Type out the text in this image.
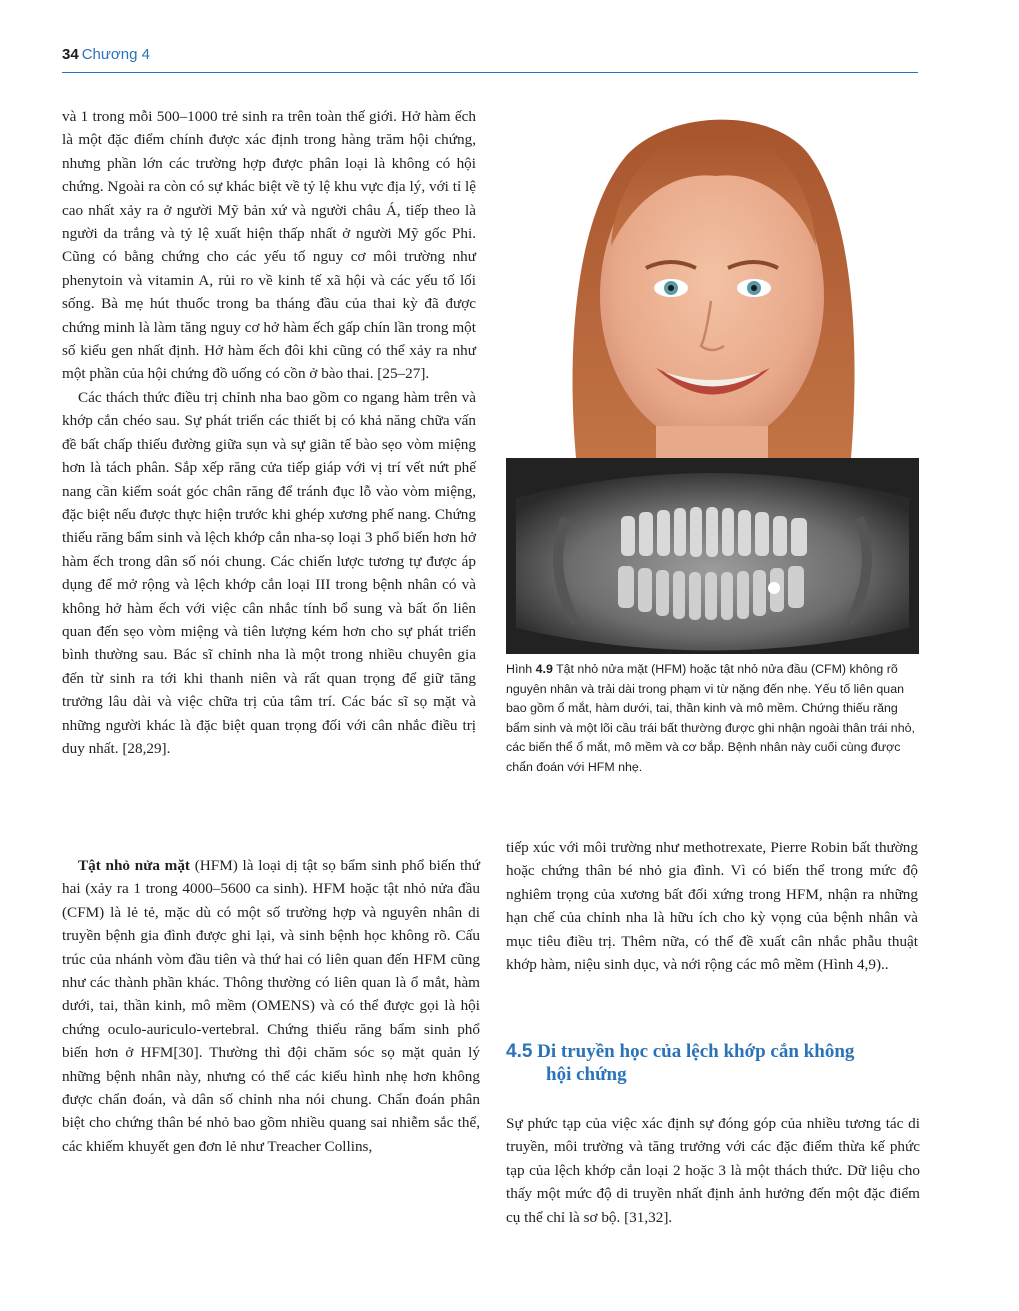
34 Chương 4

và 1 trong mỗi 500–1000 trẻ sinh ra trên toàn thế giới. Hở hàm ếch là một đặc điểm chính được xác định trong hàng trăm hội chứng, nhưng phần lớn các trường hợp được phân loại là không có hội chứng. Ngoài ra còn có sự khác biệt về tỷ lệ khu vực địa lý, với tỉ lệ cao nhất xảy ra ở người Mỹ bản xứ và người châu Á, tiếp theo là người da trắng và tỷ lệ xuất hiện thấp nhất ở người Mỹ gốc Phi. Cũng có bằng chứng cho các yếu tố nguy cơ môi trường như phenytoin và vitamin A, rủi ro về kinh tế xã hội và các yếu tố lối sống. Bà mẹ hút thuốc trong ba tháng đầu của thai kỳ đã được chứng minh là làm tăng nguy cơ hở hàm ếch gấp chín lần trong một số kiểu gen nhất định. Hở hàm ếch đôi khi cũng có thể xảy ra như một phần của hội chứng đồ uống có cồn ở bào thai. [25–27].

Các thách thức điều trị chỉnh nha bao gồm co ngang hàm trên và khớp cắn chéo sau. Sự phát triển các thiết bị có khả năng chữa vấn đề bất chấp thiếu đường giữa sụn và sự giãn tế bào sẹo vòm miệng hơn là tách phân. Sắp xếp răng cửa tiếp giáp với vị trí vết nứt phế nang cần kiểm soát góc chân răng để tránh đục lỗ vào vòm miệng, đặc biệt nếu được thực hiện trước khi ghép xương phế nang. Chứng thiếu răng bẩm sinh và lệch khớp cắn nha-sọ loại 3 phổ biến hơn hở hàm ếch trong dân số nói chung. Các chiến lược tương tự được áp dụng để mở rộng và lệch khớp cắn loại III trong bệnh nhân có và không hở hàm ếch với việc cân nhắc tính bổ sung và bất ổn liên quan đến sẹo vòm miệng và tiên lượng kém hơn cho sự phát triển bình thường sau. Bác sĩ chỉnh nha là một trong nhiều chuyên gia đến từ sinh ra tới khi thanh niên và rất quan trọng để giữ tăng trưởng lâu dài và việc chữa trị của tâm trí. Các bác sĩ sọ mặt và những người khác là đặc biệt quan trọng đối với cân nhắc điều trị duy nhất. [28,29].

Hình 4.9 Tật nhỏ nửa mặt (HFM) hoặc tật nhỏ nửa đầu (CFM) không rõ nguyên nhân và trải dài trong phạm vi từ nặng đến nhẹ. Yếu tố liên quan bao gồm ổ mắt, hàm dưới, tai, thần kinh và mô mềm. Chứng thiếu răng bẩm sinh và một lõi cầu trái bất thường được ghi nhận ngoài thân trái nhỏ, các biến thể ổ mắt, mô mềm và cơ bắp. Bệnh nhân này cuối cùng được chẩn đoán với HFM nhẹ.

Tật nhỏ nửa mặt (HFM) là loại dị tật sọ bẩm sinh phổ biến thứ hai (xảy ra 1 trong 4000–5600 ca sinh). HFM hoặc tật nhỏ nửa đầu (CFM) là lẻ tẻ, mặc dù có một số trường hợp và nguyên nhân di truyền bệnh gia đình được ghi lại, và sinh bệnh học không rõ. Cấu trúc của nhánh vòm đầu tiên và thứ hai có liên quan đến HFM cũng như các thành phần khác. Thông thường có liên quan là ổ mắt, hàm dưới, tai, thần kinh, mô mềm (OMENS) và có thể được gọi là hội chứng oculo-auriculo-vertebral. Chứng thiếu răng bẩm sinh phổ biến hơn ở HFM[30]. Thường thì đội chăm sóc sọ mặt quản lý những bệnh nhân này, nhưng có thể các kiểu hình nhẹ hơn không được chẩn đoán, và dân số chỉnh nha nói chung. Chẩn đoán phân biệt cho chứng thân bé nhỏ bao gồm nhiều quang sai nhiễm sắc thể, các khiếm khuyết gen đơn lẻ như Treacher Collins,

tiếp xúc với môi trường như methotrexate, Pierre Robin bất thường hoặc chứng thân bé nhỏ gia đình. Vì có biến thể trong mức độ nghiêm trọng của xương bất đối xứng trong HFM, nhận ra những hạn chế của chỉnh nha là hữu ích cho kỳ vọng của bệnh nhân và mục tiêu điều trị. Thêm nữa, có thể đề xuất cân nhắc phẫu thuật khớp hàm, niệu sinh dục, và nới rộng các mô mềm (Hình 4,9)..

4.5 Di truyền học của lệch khớp cắn không
hội chứng

Sự phức tạp của việc xác định sự đóng góp của nhiều tương tác di truyền, môi trường và tăng trưởng với các đặc điểm thừa kế phức tạp của lệch khớp cắn loại 2 hoặc 3 là một thách thức. Dữ liệu cho thấy một mức độ di truyền nhất định ảnh hưởng đến một đặc điểm cụ thể chỉ là sơ bộ. [31,32].
